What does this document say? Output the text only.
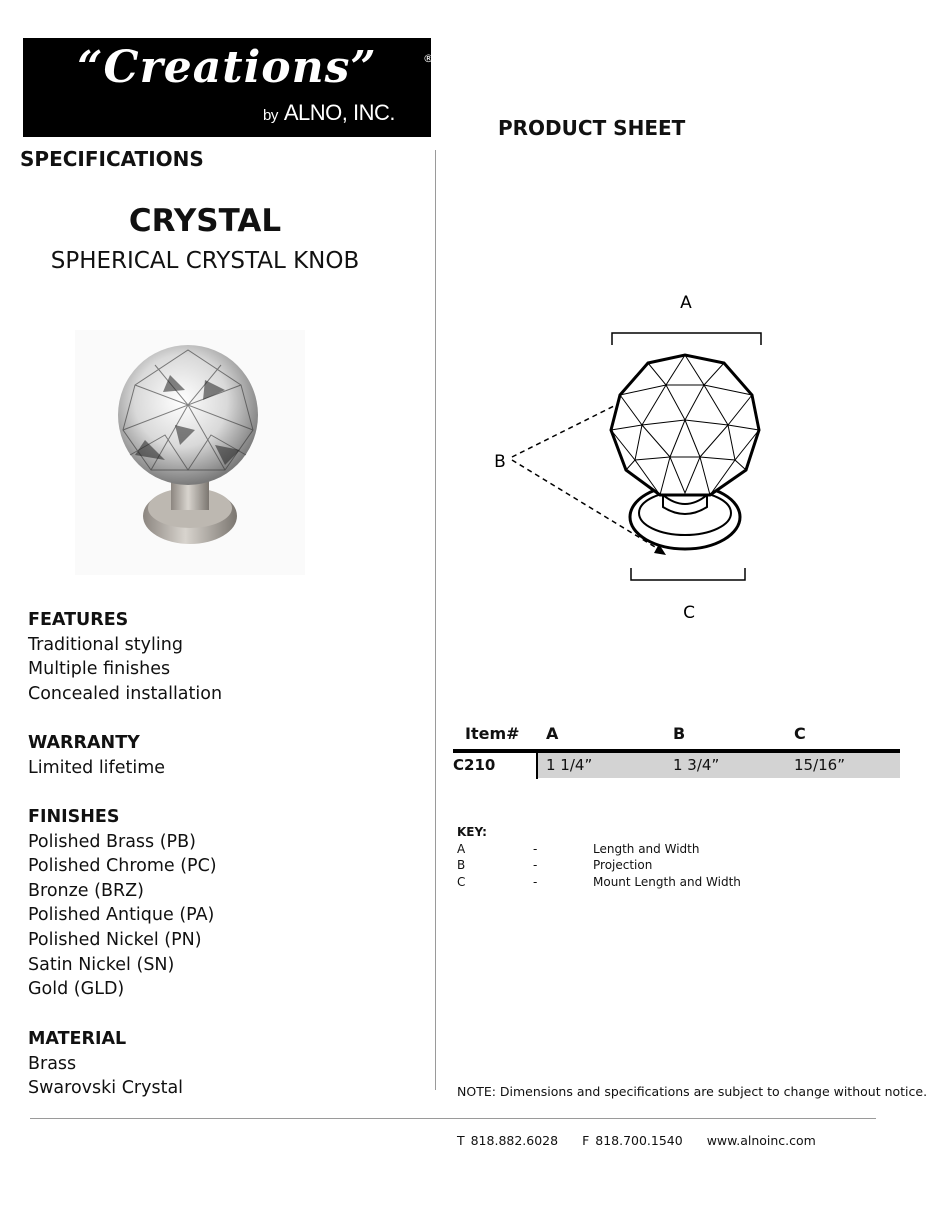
“Creations”	®
by ALNO, INC.
PRODUCT SHEET
SPECIFICATIONS
CRYSTAL
SPHERICAL CRYSTAL KNOB
A
B
C
FEATURES
Traditional styling
Multiple finishes
Concealed installation
WARRANTY
Limited lifetime
FINISHES
Polished Brass (PB)
Polished Chrome (PC)
Bronze (BRZ)
Polished Antique (PA)
Polished Nickel (PN)
Satin Nickel (SN)
Gold (GLD)
MATERIAL
Brass
Swarovski Crystal
Item# A	B	C
C210	1 1/4”	1 3/4”	15/16”
KEY:
A	-	Length and Width
B	-	Projection
C	-	Mount Length and Width
NOTE: Dimensions and specifications are subject to change without notice.
T 818.882.6028 F 818.700.1540 www.alnoinc.com
